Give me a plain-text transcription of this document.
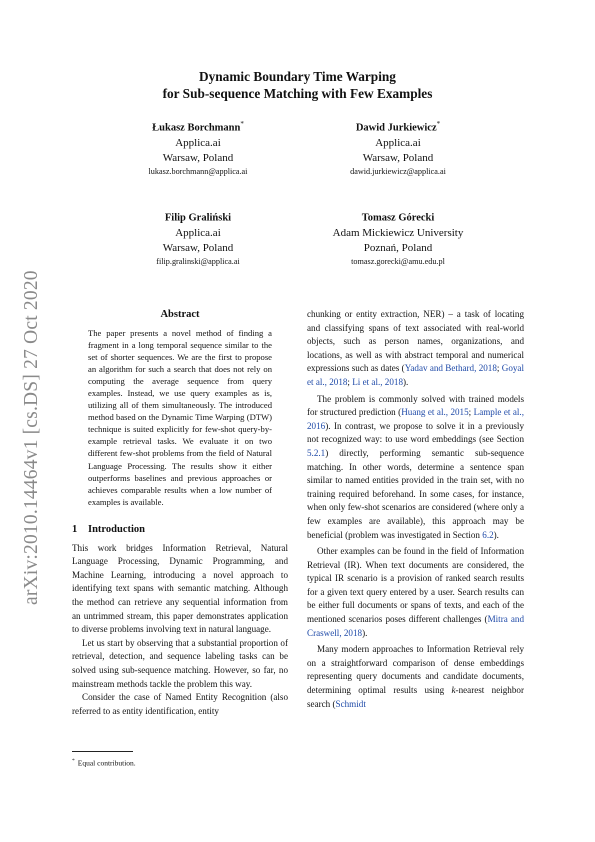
arXiv:2010.14464v1 [cs.DS] 27 Oct 2020
Dynamic Boundary Time Warping
for Sub-sequence Matching with Few Examples
Łukasz Borchmann*
Applica.ai
Warsaw, Poland
lukasz.borchmann@applica.ai
Dawid Jurkiewicz*
Applica.ai
Warsaw, Poland
dawid.jurkiewicz@applica.ai
Filip Graliński
Applica.ai
Warsaw, Poland
filip.gralinski@applica.ai
Tomasz Górecki
Adam Mickiewicz University
Poznań, Poland
tomasz.gorecki@amu.edu.pl
Abstract

The paper presents a novel method of finding a fragment in a long temporal sequence similar to the set of shorter sequences. We are the first to propose an algorithm for such a search that does not rely on computing the average sequence from query examples. Instead, we use query examples as is, utilizing all of them simultaneously. The introduced method based on the Dynamic Time Warping (DTW) technique is suited explicitly for few-shot query-by-example retrieval tasks. We evaluate it on two different few-shot problems from the field of Natural Language Processing. The results show it either outperforms baselines and previous approaches or achieves comparable results when a low number of examples is available.

1 Introduction

This work bridges Information Retrieval, Natural Language Processing, Dynamic Programming, and Machine Learning, introducing a novel approach to identifying text spans with semantic matching. Although the method can retrieve any sequential information from an untrimmed stream, this paper demonstrates application to diverse problems involving text in natural language.

Let us start by observing that a substantial proportion of retrieval, detection, and sequence labeling tasks can be solved using sub-sequence matching. However, so far, no mainstream methods tackle the problem this way.

Consider the case of Named Entity Recognition (also referred to as entity identification, entity

chunking or entity extraction, NER) – a task of locating and classifying spans of text associated with real-world objects, such as person names, organizations, and locations, as well as with abstract temporal and numerical expressions such as dates (Yadav and Bethard, 2018; Goyal et al., 2018; Li et al., 2018).

The problem is commonly solved with trained models for structured prediction (Huang et al., 2015; Lample et al., 2016). In contrast, we propose to solve it in a previously not recognized way: to use word embeddings (see Section 5.2.1) directly, performing semantic sub-sequence matching. In other words, determine a sentence span similar to named entities provided in the train set, with no training required beforehand. In some cases, for instance, when only few-shot scenarios are considered (where only a few examples are available), this approach may be beneficial (problem was investigated in Section 6.2).

Other examples can be found in the field of Information Retrieval (IR). When text documents are considered, the typical IR scenario is a provision of ranked search results for a given text query entered by a user. Search results can be either full documents or spans of texts, and each of the mentioned scenarios poses different challenges (Mitra and Craswell, 2018).

Many modern approaches to Information Retrieval rely on a straightforward comparison of dense embeddings representing query documents and candidate documents, determining optimal results using k-nearest neighbor search (Schmidt

* Equal contribution.
